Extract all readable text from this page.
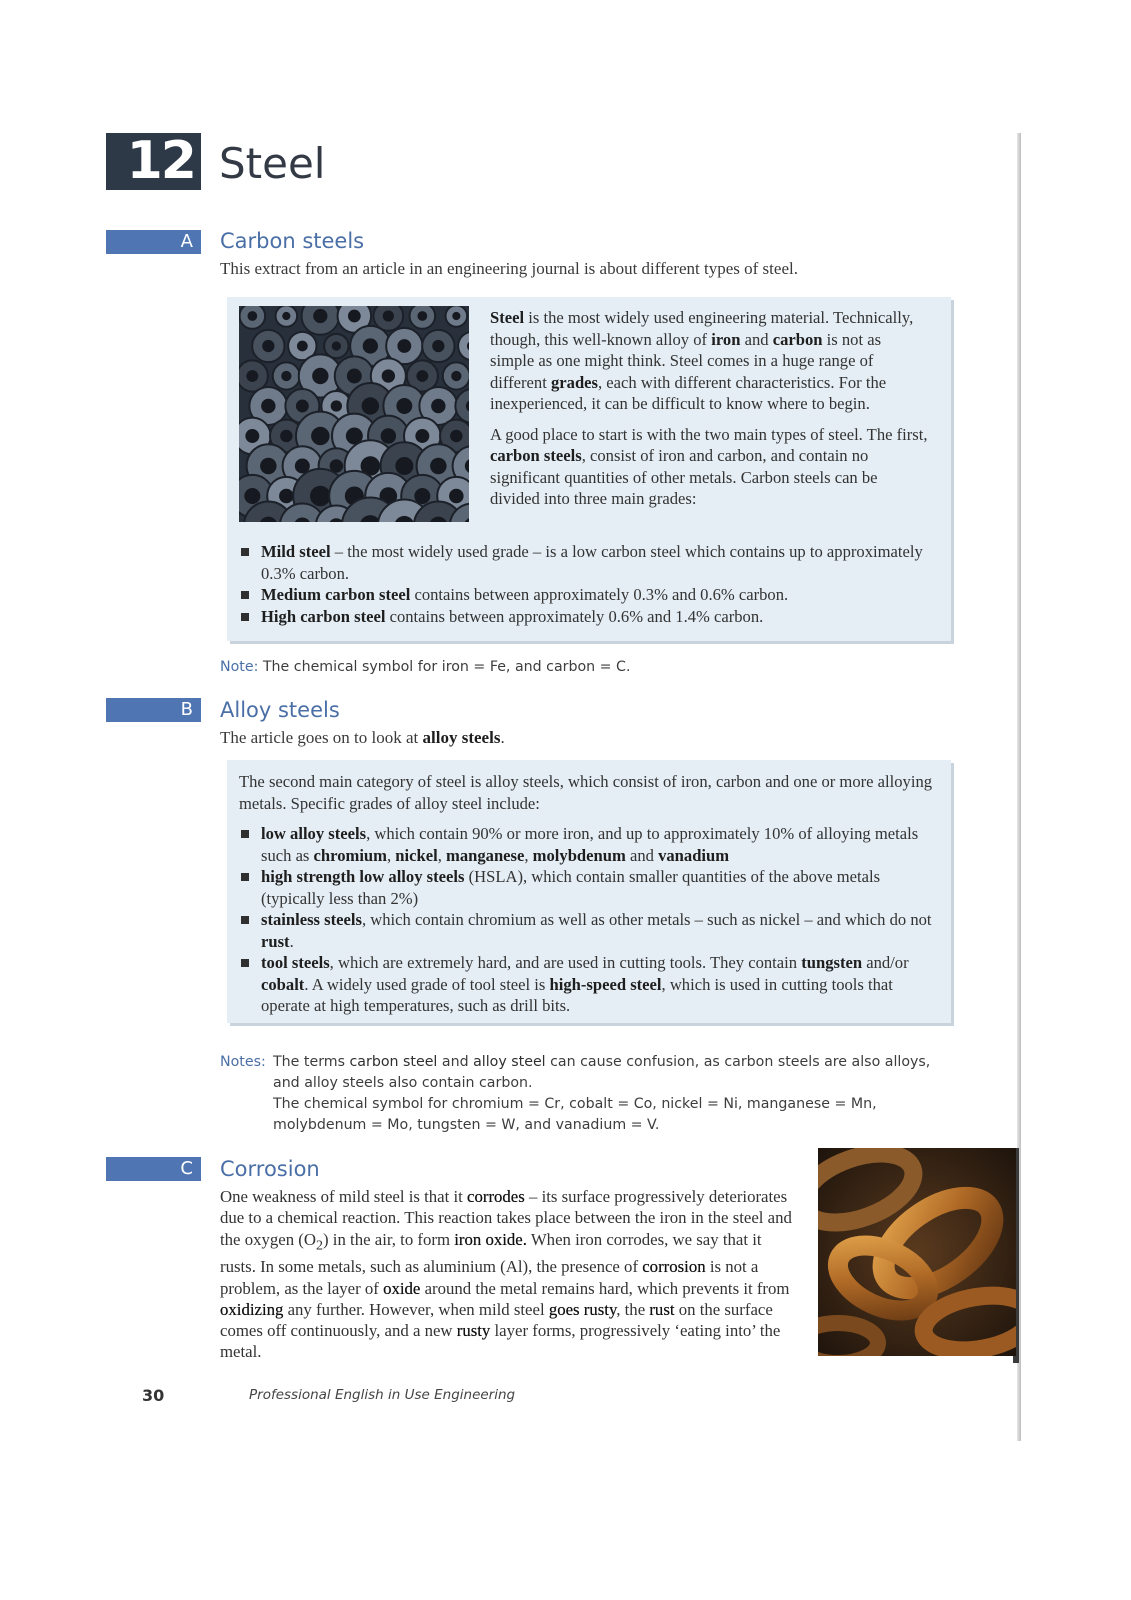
12 Steel
A	Carbon steels
This extract from an article in an engineering journal is about different types of steel.

Steel is the most widely used engineering material. Technically, though, this well-known alloy of iron and carbon is not as simple as one might think. Steel comes in a huge range of different grades, each with different characteristics. For the inexperienced, it can be difficult to know where to begin.

A good place to start is with the two main types of steel. The first, carbon steels, consist of iron and carbon, and contain no significant quantities of other metals. Carbon steels can be divided into three main grades:

Mild steel – the most widely used grade – is a low carbon steel which contains up to approximately 0.3% carbon.
Medium carbon steel contains between approximately 0.3% and 0.6% carbon.
High carbon steel contains between approximately 0.6% and 1.4% carbon.
Note: The chemical symbol for iron = Fe, and carbon = C.
B	Alloy steels
The article goes on to look at alloy steels.

The second main category of steel is alloy steels, which consist of iron, carbon and one or more alloying metals. Specific grades of alloy steel include:

low alloy steels, which contain 90% or more iron, and up to approximately 10% of alloying metals such as chromium, nickel, manganese, molybdenum and vanadium
high strength low alloy steels (HSLA), which contain smaller quantities of the above metals (typically less than 2%)
stainless steels, which contain chromium as well as other metals – such as nickel – and which do not rust.
tool steels, which are extremely hard, and are used in cutting tools. They contain tungsten and/or cobalt. A widely used grade of tool steel is high-speed steel, which is used in cutting tools that operate at high temperatures, such as drill bits.
Notes: The terms carbon steel and alloy steel can cause confusion, as carbon steels are also alloys, and alloy steels also contain carbon.
The chemical symbol for chromium = Cr, cobalt = Co, nickel = Ni, manganese = Mn, molybdenum = Mo, tungsten = W, and vanadium = V.
C	Corrosion
One weakness of mild steel is that it corrodes – its surface progressively deteriorates due to a chemical reaction. This reaction takes place between the iron in the steel and the oxygen $(O_2)$ in the air, to form iron oxide. When iron corrodes, we say that it rusts. In some metals, such as aluminium (Al), the presence of corrosion is not a problem, as the layer of oxide around the metal remains hard, which prevents it from oxidizing any further. However, when mild steel goes rusty, the rust on the surface comes off continuously, and a new rusty layer forms, progressively ‘eating into’ the metal.
30	Professional English in Use Engineering
